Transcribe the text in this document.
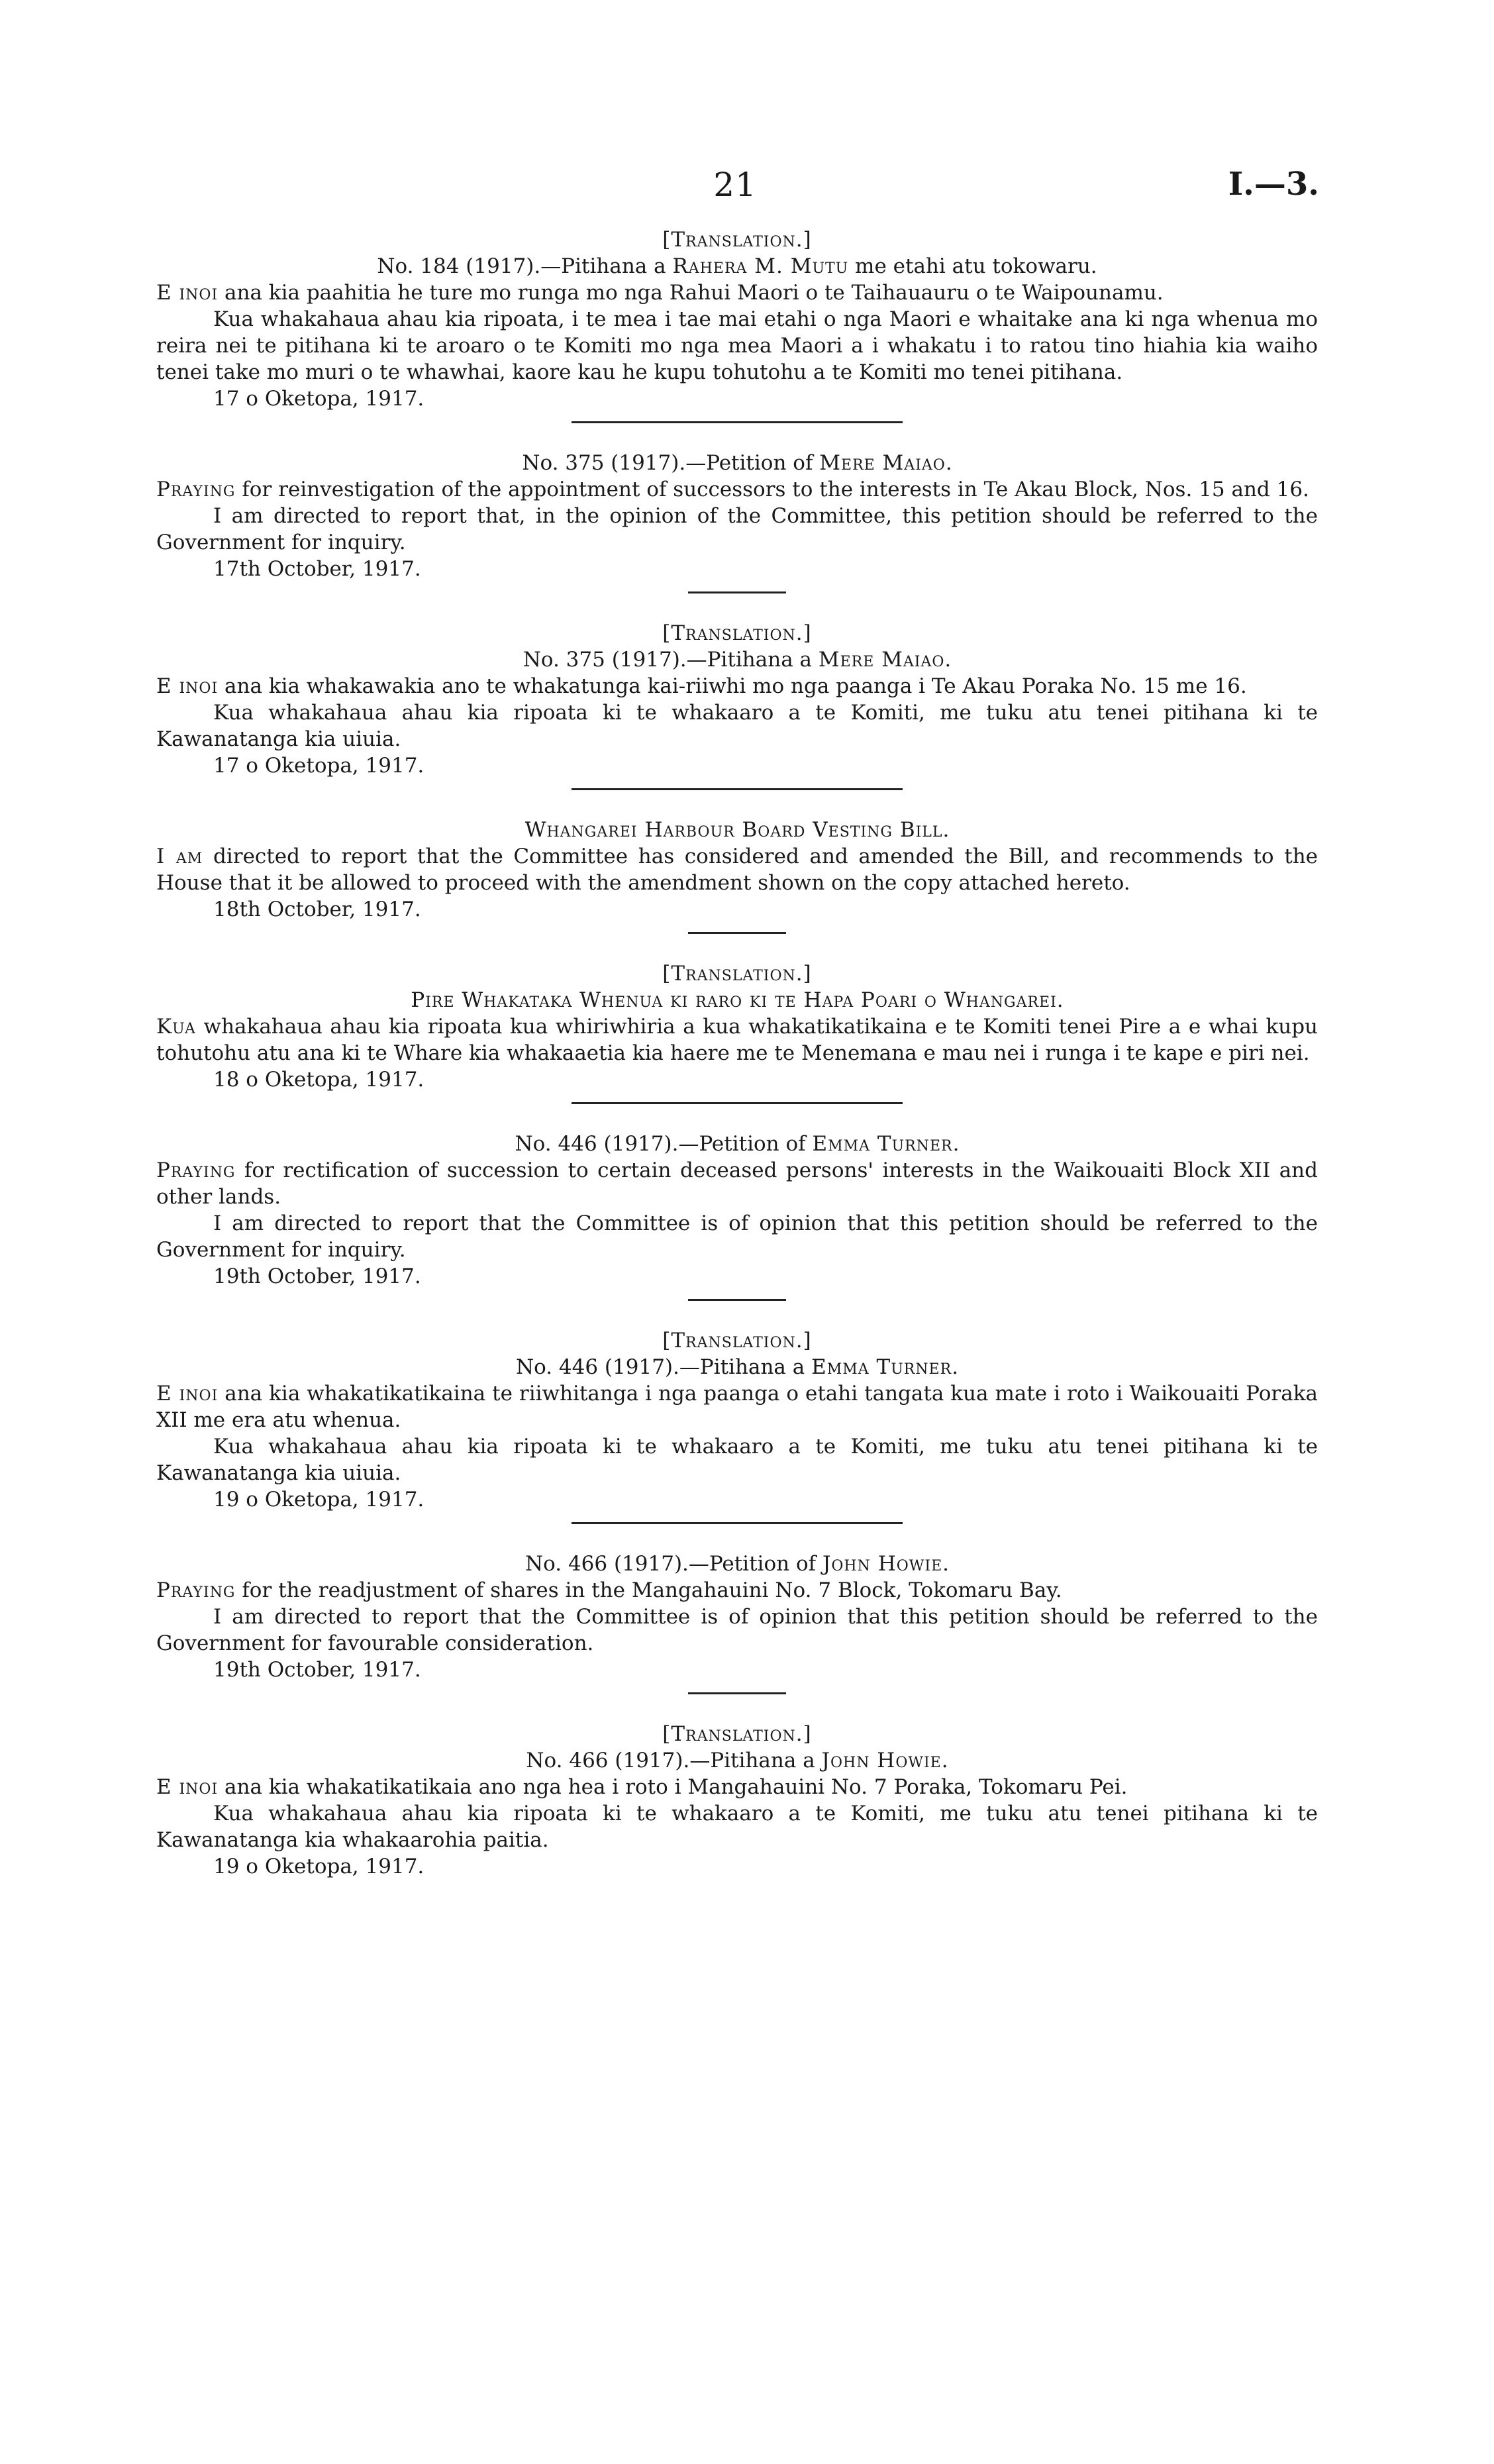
21	I.—3.
[Translation.]
No. 184 (1917).—Pitihana a Rahera M. Mutu me etahi atu tokowaru.

E inoi ana kia paahitia he ture mo runga mo nga Rahui Maori o te Taihauauru o te Waipounamu.

Kua whakahaua ahau kia ripoata, i te mea i tae mai etahi o nga Maori e whaitake ana ki nga whenua mo reira nei te pitihana ki te aroaro o te Komiti mo nga mea Maori a i whakatu i to ratou tino hiahia kia waiho tenei take mo muri o te whawhai, kaore kau he kupu tohutohu a te Komiti mo tenei pitihana.

17 o Oketopa, 1917.

No. 375 (1917).—Petition of Mere Maiao.

Praying for reinvestigation of the appointment of successors to the interests in Te Akau Block, Nos. 15 and 16.

I am directed to report that, in the opinion of the Committee, this petition should be referred to the Government for inquiry.

17th October, 1917.

[Translation.]
No. 375 (1917).—Pitihana a Mere Maiao.

E inoi ana kia whakawakia ano te whakatunga kai-riiwhi mo nga paanga i Te Akau Poraka No. 15 me 16.

Kua whakahaua ahau kia ripoata ki te whakaaro a te Komiti, me tuku atu tenei pitihana ki te Kawanatanga kia uiuia.

17 o Oketopa, 1917.

Whangarei Harbour Board Vesting Bill.

I am directed to report that the Committee has considered and amended the Bill, and recommends to the House that it be allowed to proceed with the amendment shown on the copy attached hereto.

18th October, 1917.

[Translation.]
Pire Whakataka Whenua ki raro ki te Hapa Poari o Whangarei.

Kua whakahaua ahau kia ripoata kua whiriwhiria a kua whakatikatikaina e te Komiti tenei Pire a e whai kupu tohutohu atu ana ki te Whare kia whakaaetia kia haere me te Menemana e mau nei i runga i te kape e piri nei.

18 o Oketopa, 1917.

No. 446 (1917).—Petition of Emma Turner.

Praying for rectification of succession to certain deceased persons' interests in the Waikouaiti Block XII and other lands.

I am directed to report that the Committee is of opinion that this petition should be referred to the Government for inquiry.

19th October, 1917.

[Translation.]
No. 446 (1917).—Pitihana a Emma Turner.

E inoi ana kia whakatikatikaina te riiwhitanga i nga paanga o etahi tangata kua mate i roto i Waikouaiti Poraka XII me era atu whenua.

Kua whakahaua ahau kia ripoata ki te whakaaro a te Komiti, me tuku atu tenei pitihana ki te Kawanatanga kia uiuia.

19 o Oketopa, 1917.

No. 466 (1917).—Petition of John Howie.

Praying for the readjustment of shares in the Mangahauini No. 7 Block, Tokomaru Bay.

I am directed to report that the Committee is of opinion that this petition should be referred to the Government for favourable consideration.

19th October, 1917.

[Translation.]
No. 466 (1917).—Pitihana a John Howie.

E inoi ana kia whakatikatikaia ano nga hea i roto i Mangahauini No. 7 Poraka, Tokomaru Pei.

Kua whakahaua ahau kia ripoata ki te whakaaro a te Komiti, me tuku atu tenei pitihana ki te Kawanatanga kia whakaarohia paitia.

19 o Oketopa, 1917.
